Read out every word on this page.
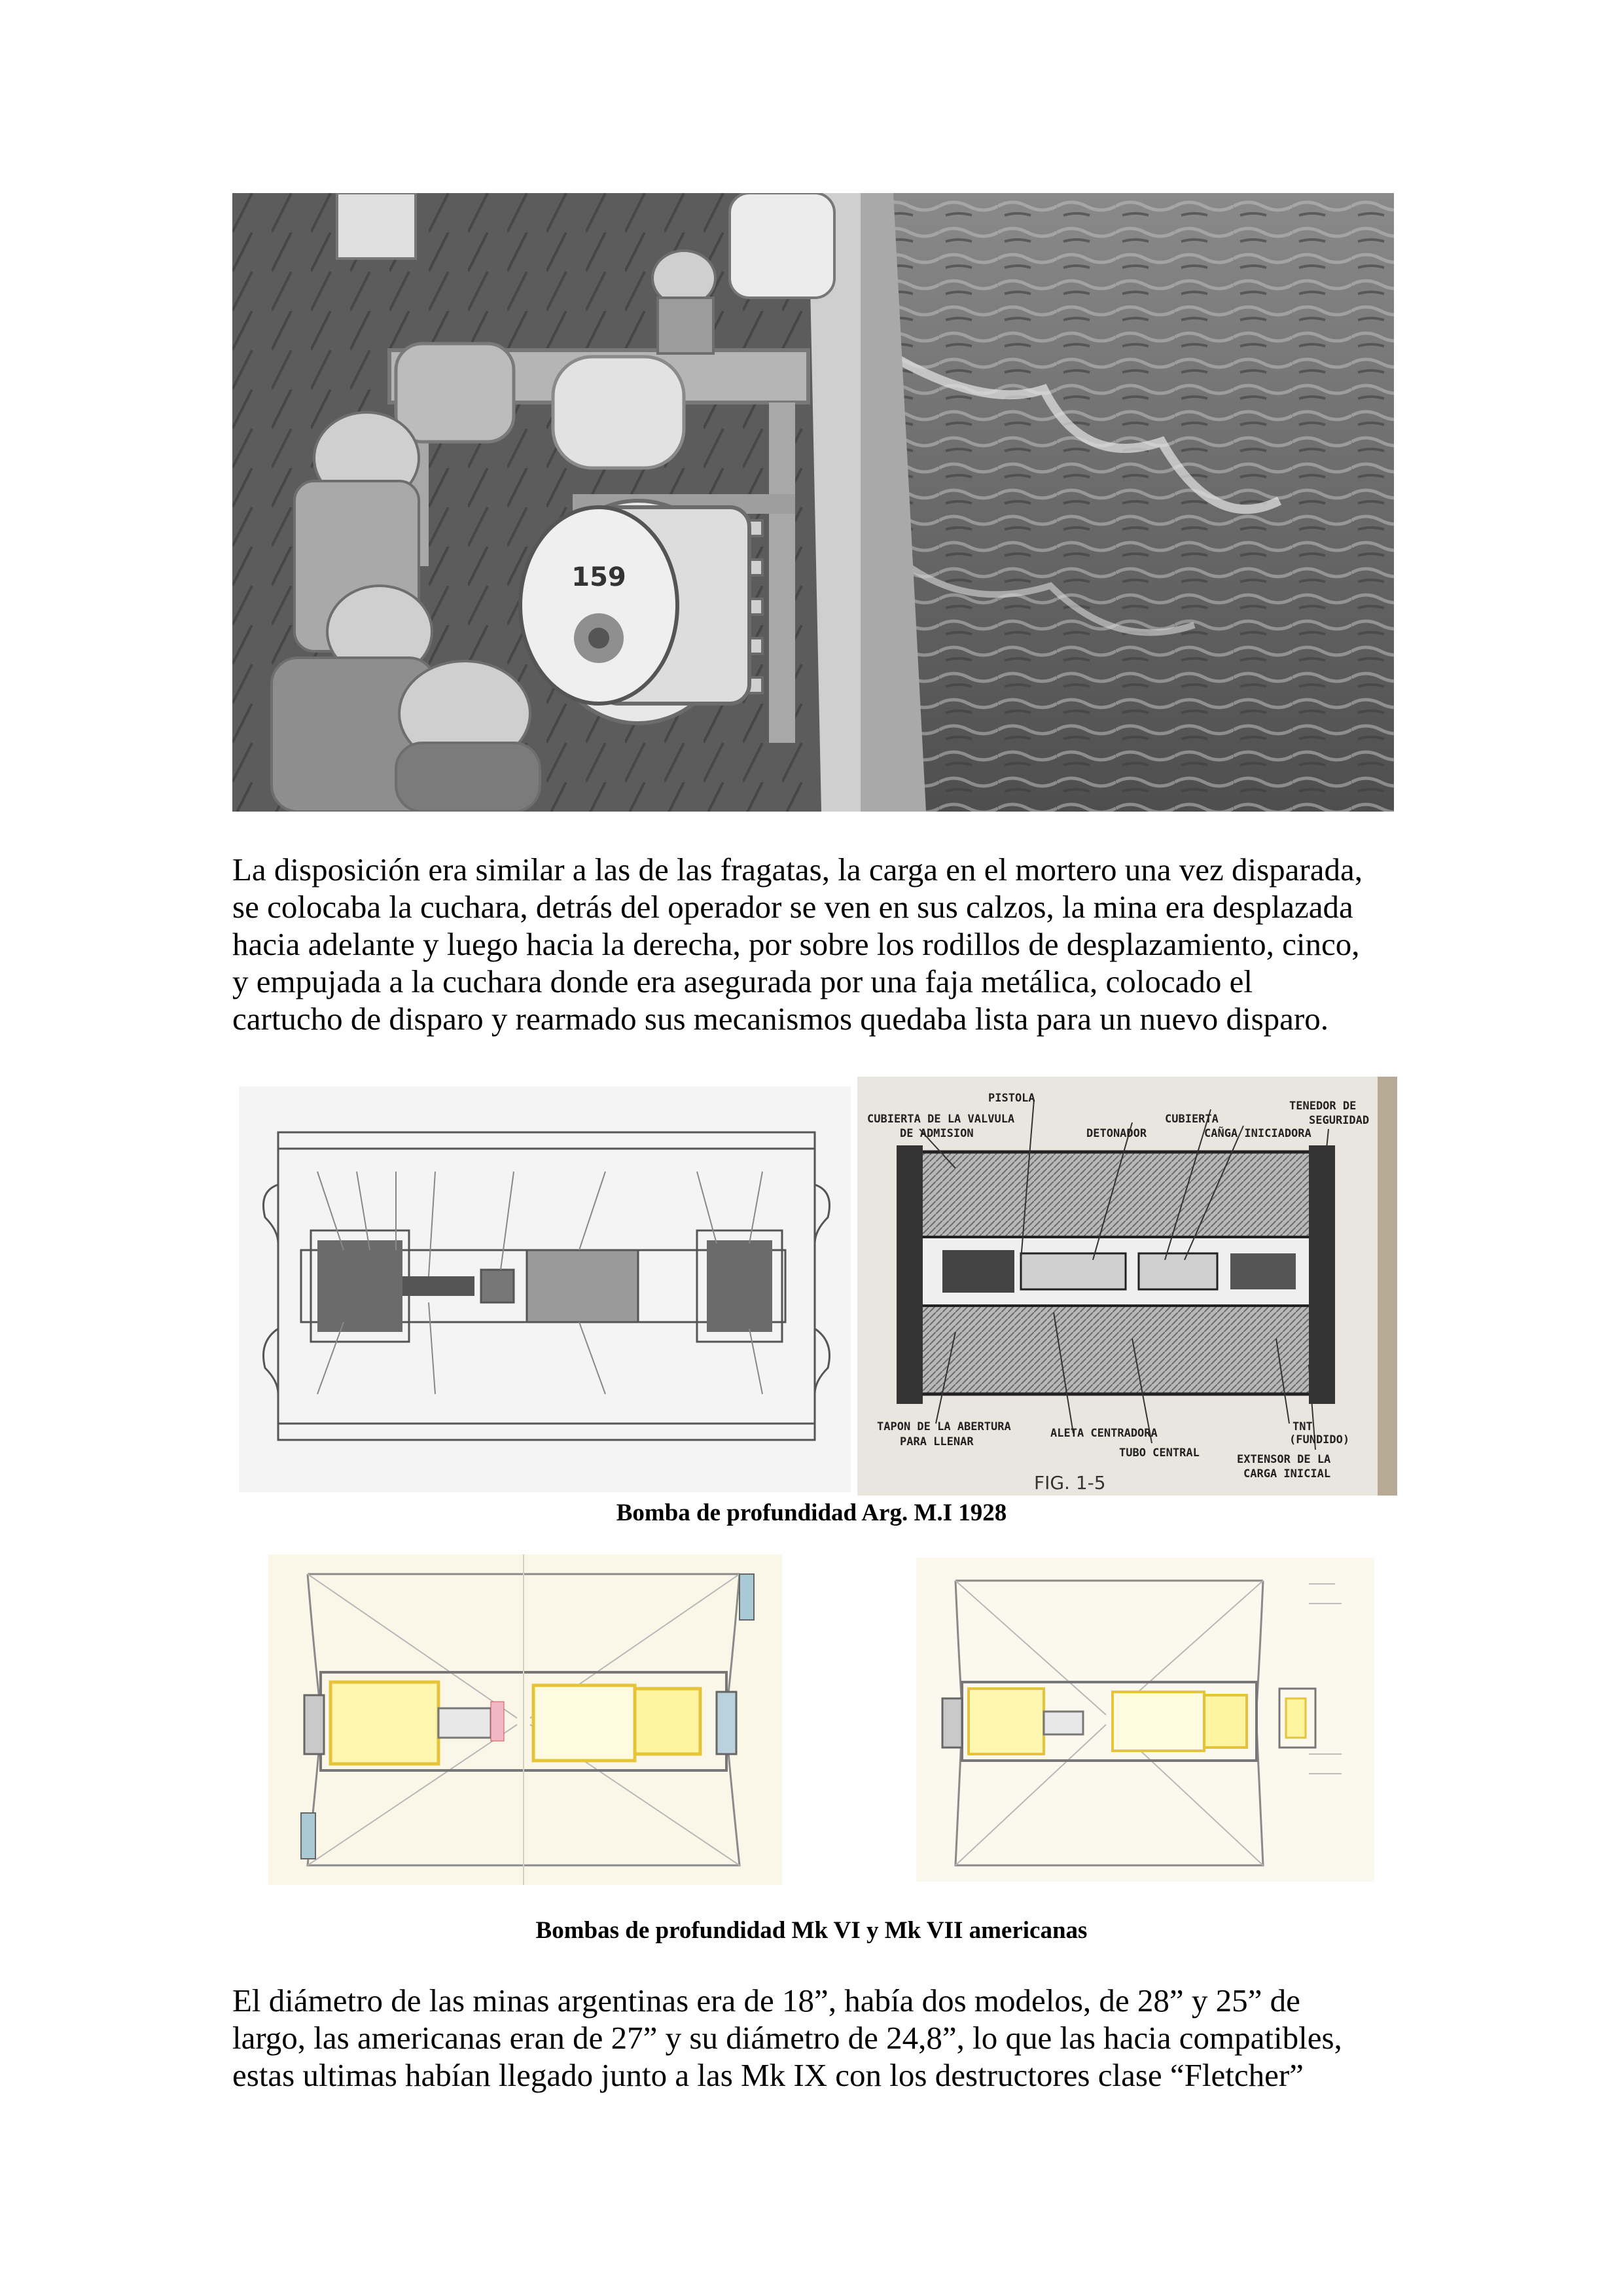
159
La disposición era similar a las de las fragatas, la carga en el mortero una vez disparada,
se colocaba la cuchara, detrás del operador se ven en sus calzos, la mina era desplazada
hacia adelante y luego hacia la derecha, por sobre los rodillos de desplazamiento, cinco,
y empujada a la cuchara donde era asegurada por una faja metálica, colocado el
cartucho de disparo y rearmado sus mecanismos quedaba lista para un nuevo disparo.
PISTOLA
CUBIERTA DE LA VALVULA
DE ADMISION	DETONADOR
CUBIERTA
CAÑGA INICIADORA
TENEDOR DE
SEGURIDAD
TAPON DE LA ABERTURA
PARA LLENAR
ALETA CENTRADORA
TUBO CENTRAL
TNT
(FUNDIDO)
EXTENSOR DE LA
CARGA INICIAL
FIG. 1-5
Bomba de profundidad Arg. M.I 1928
Bombas de profundidad Mk VI y Mk VII americanas
El diámetro de las minas argentinas era de 18”, había dos modelos, de 28” y 25” de
largo, las americanas eran de 27” y su diámetro de 24,8”, lo que las hacia compatibles,
estas ultimas habían llegado junto a las Mk IX con los destructores clase “Fletcher”
